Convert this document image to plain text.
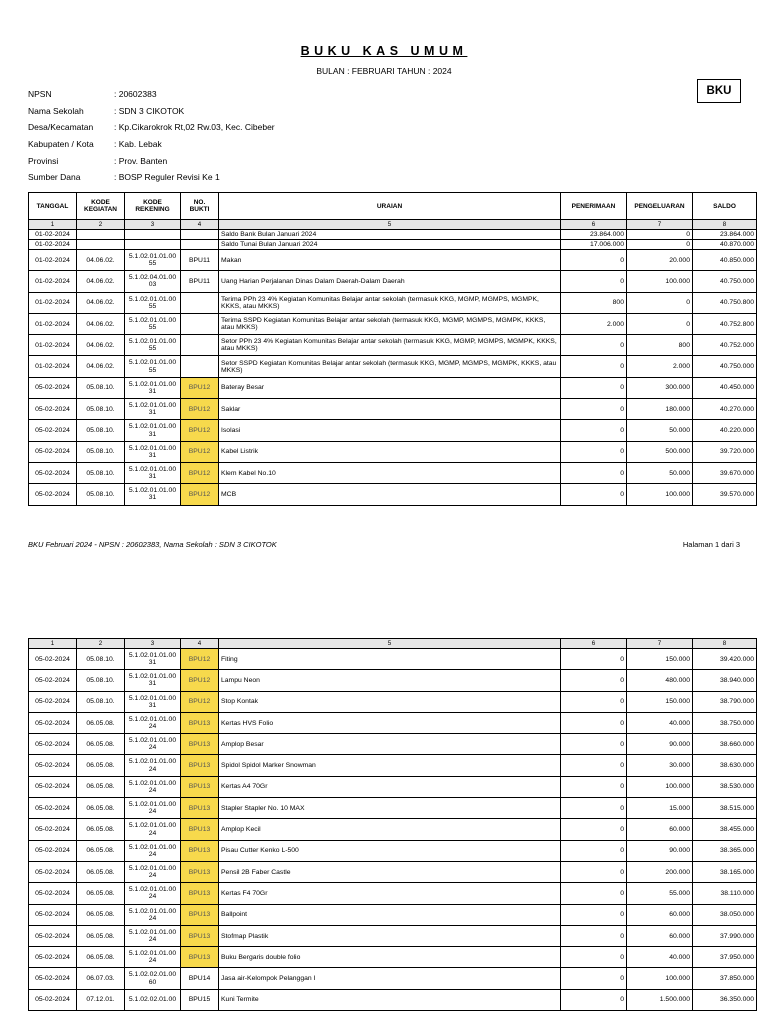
BUKU KAS UMUM
BULAN : FEBRUARI TAHUN : 2024
BKU
NPSN	: 20602383
Nama Sekolah	: SDN 3 CIKOTOK
Desa/Kecamatan	: Kp.Cikarokrok Rt,02 Rw.03, Kec. Cibeber
Kabupaten / Kota	: Kab. Lebak
Provinsi	: Prov. Banten
Sumber Dana	: BOSP Reguler Revisi Ke 1
TANGGAL	KODE KEGIATAN	KODE REKENING	NO. BUKTI	URAIAN	PENERIMAAN	PENGELUARAN	SALDO
1	2	3	4	5	6	7	8
01-02-2024				Saldo Bank Bulan Januari 2024	23.864.000	0	23.864.000
01-02-2024				Saldo Tunai Bulan Januari 2024	17.006.000	0	40.870.000
01-02-2024	04.06.02.	5.1.02.01.01.00 55	BPU11	Makan	0	20.000	40.850.000
01-02-2024	04.06.02.	5.1.02.04.01.00 03	BPU11	Uang Harian Perjalanan Dinas Dalam Daerah-Dalam Daerah	0	100.000	40.750.000
01-02-2024	04.06.02.	5.1.02.01.01.00 55		Terima PPh 23 4% Kegiatan Komunitas Belajar antar sekolah (termasuk KKG, MGMP, MGMPS, MGMPK, KKKS, atau MKKS)	800	0	40.750.800
01-02-2024	04.06.02.	5.1.02.01.01.00 55		Terima SSPD Kegiatan Komunitas Belajar antar sekolah (termasuk KKG, MGMP, MGMPS, MGMPK, KKKS, atau MKKS)	2.000	0	40.752.800
01-02-2024	04.06.02.	5.1.02.01.01.00 55		Setor PPh 23 4% Kegiatan Komunitas Belajar antar sekolah (termasuk KKG, MGMP, MGMPS, MGMPK, KKKS, atau MKKS)	0	800	40.752.000
01-02-2024	04.06.02.	5.1.02.01.01.00 55		Setor SSPD Kegiatan Komunitas Belajar antar sekolah (termasuk KKG, MGMP, MGMPS, MGMPK, KKKS, atau MKKS)	0	2.000	40.750.000
05-02-2024	05.08.10.	5.1.02.01.01.00 31	BPU12	Bateray Besar	0	300.000	40.450.000
05-02-2024	05.08.10.	5.1.02.01.01.00 31	BPU12	Saklar	0	180.000	40.270.000
05-02-2024	05.08.10.	5.1.02.01.01.00 31	BPU12	Isolasi	0	50.000	40.220.000
05-02-2024	05.08.10.	5.1.02.01.01.00 31	BPU12	Kabel Listrik	0	500.000	39.720.000
05-02-2024	05.08.10.	5.1.02.01.01.00 31	BPU12	Klem Kabel No.10	0	50.000	39.670.000
05-02-2024	05.08.10.	5.1.02.01.01.00 31	BPU12	MCB	0	100.000	39.570.000
BKU Februari 2024 - NPSN : 20602383, Nama Sekolah : SDN 3 CIKOTOK	Halaman 1 dari 3
1	2	3	4	5	6	7	8
05-02-2024	05.08.10.	5.1.02.01.01.00 31	BPU12	Fiting	0	150.000	39.420.000
05-02-2024	05.08.10.	5.1.02.01.01.00 31	BPU12	Lampu Neon	0	480.000	38.940.000
05-02-2024	05.08.10.	5.1.02.01.01.00 31	BPU12	Stop Kontak	0	150.000	38.790.000
05-02-2024	06.05.08.	5.1.02.01.01.00 24	BPU13	Kertas HVS Folio	0	40.000	38.750.000
05-02-2024	06.05.08.	5.1.02.01.01.00 24	BPU13	Amplop Besar	0	90.000	38.660.000
05-02-2024	06.05.08.	5.1.02.01.01.00 24	BPU13	Spidol Spidol Marker Snowman	0	30.000	38.630.000
05-02-2024	06.05.08.	5.1.02.01.01.00 24	BPU13	Kertas A4 70Gr	0	100.000	38.530.000
05-02-2024	06.05.08.	5.1.02.01.01.00 24	BPU13	Stapler Stapler No. 10 MAX	0	15.000	38.515.000
05-02-2024	06.05.08.	5.1.02.01.01.00 24	BPU13	Amplop Kecil	0	60.000	38.455.000
05-02-2024	06.05.08.	5.1.02.01.01.00 24	BPU13	Pisau Cutter Kenko L-500	0	90.000	38.365.000
05-02-2024	06.05.08.	5.1.02.01.01.00 24	BPU13	Pensil 2B Faber Castle	0	200.000	38.165.000
05-02-2024	06.05.08.	5.1.02.01.01.00 24	BPU13	Kertas F4 70Gr	0	55.000	38.110.000
05-02-2024	06.05.08.	5.1.02.01.01.00 24	BPU13	Ballpoint	0	60.000	38.050.000
05-02-2024	06.05.08.	5.1.02.01.01.00 24	BPU13	Stofmap Plastik	0	60.000	37.990.000
05-02-2024	06.05.08.	5.1.02.01.01.00 24	BPU13	Buku Bergaris double folio	0	40.000	37.950.000
05-02-2024	06.07.03.	5.1.02.02.01.00 60	BPU14	Jasa air-Kelompok Pelanggan I	0	100.000	37.850.000
05-02-2024	07.12.01.	5.1.02.02.01.00	BPU15	Kuni Termite	0	1.500.000	36.350.000
